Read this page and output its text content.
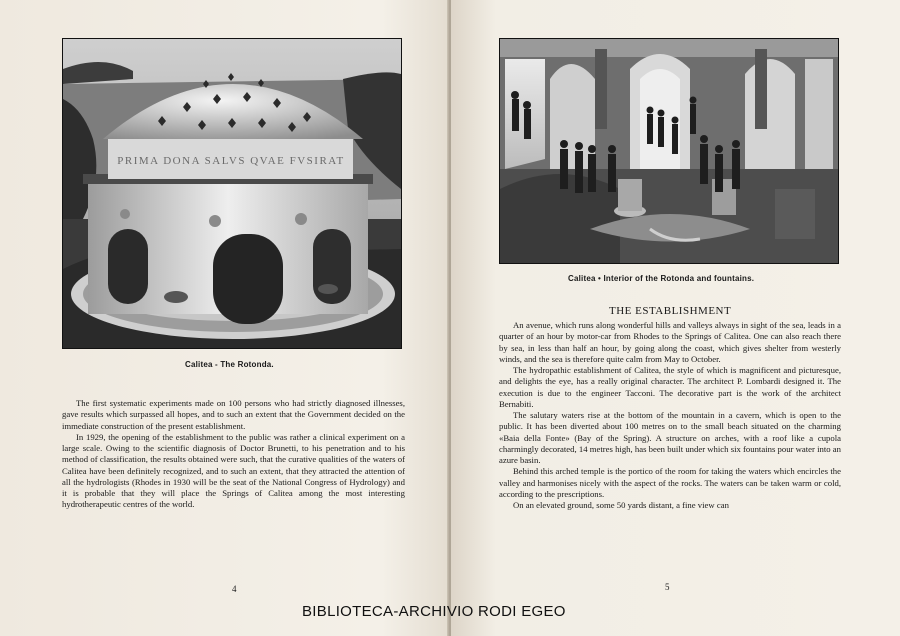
PRIMA DONA SALVS QVAE FVSIRAT
Calitea - The Rotonda.

The first systematic experiments made on 100 persons who had strictly diagnosed illnesses, gave results which surpassed all hopes, and to such an extent that the Government decided on the immediate construction of the present establishment.

In 1929, the opening of the establishment to the public was rather a clinical experiment on a large scale. Owing to the scientific diagnosis of Doctor Brunetti, to his penetration and to his method of classification, the results obtained were such, that the curative qualities of the waters of Calitea have been definitely recognized, and to such an extent, that they attracted the attention of all the hydrologists (Rhodes in 1930 will be the seat of the National Congress of Hydrology) and it is probable that they will place the Springs of Calitea among the most interesting hydrotherapeutic centres of the world.

4
Calitea • Interior of the Rotonda and fountains.
THE ESTABLISHMENT

An avenue, which runs along wonderful hills and valleys always in sight of the sea, leads in a quarter of an hour by motor-car from Rhodes to the Springs of Calitea. One can also reach there by sea, in less than half an hour, by going along the coast, which gives shelter from westerly winds, and the sea is therefore quite calm from May to October.

The hydropathic establishment of Calitea, the style of which is magnificent and picturesque, and delights the eye, has a really original character. The architect P. Lombardi designed it. The execution is due to the engineer Tacconi. The decorative part is the work of the architect Bernabiti.

The salutary waters rise at the bottom of the mountain in a cavern, which is open to the public. It has been diverted about 100 metres on to the small beach situated on the charming «Baia della Fonte» (Bay of the Spring). A structure on arches, with a roof like a cupola charmingly decorated, 14 metres high, has been built under which six fountains pour water into an azure basin.

Behind this arched temple is the portico of the room for taking the waters which encircles the valley and harmonises nicely with the aspect of the rocks. The waters can be taken warm or cold, according to the prescriptions.

On an elevated ground, some 50 yards distant, a fine view can

5
BIBLIOTECA-ARCHIVIO RODI EGEO
